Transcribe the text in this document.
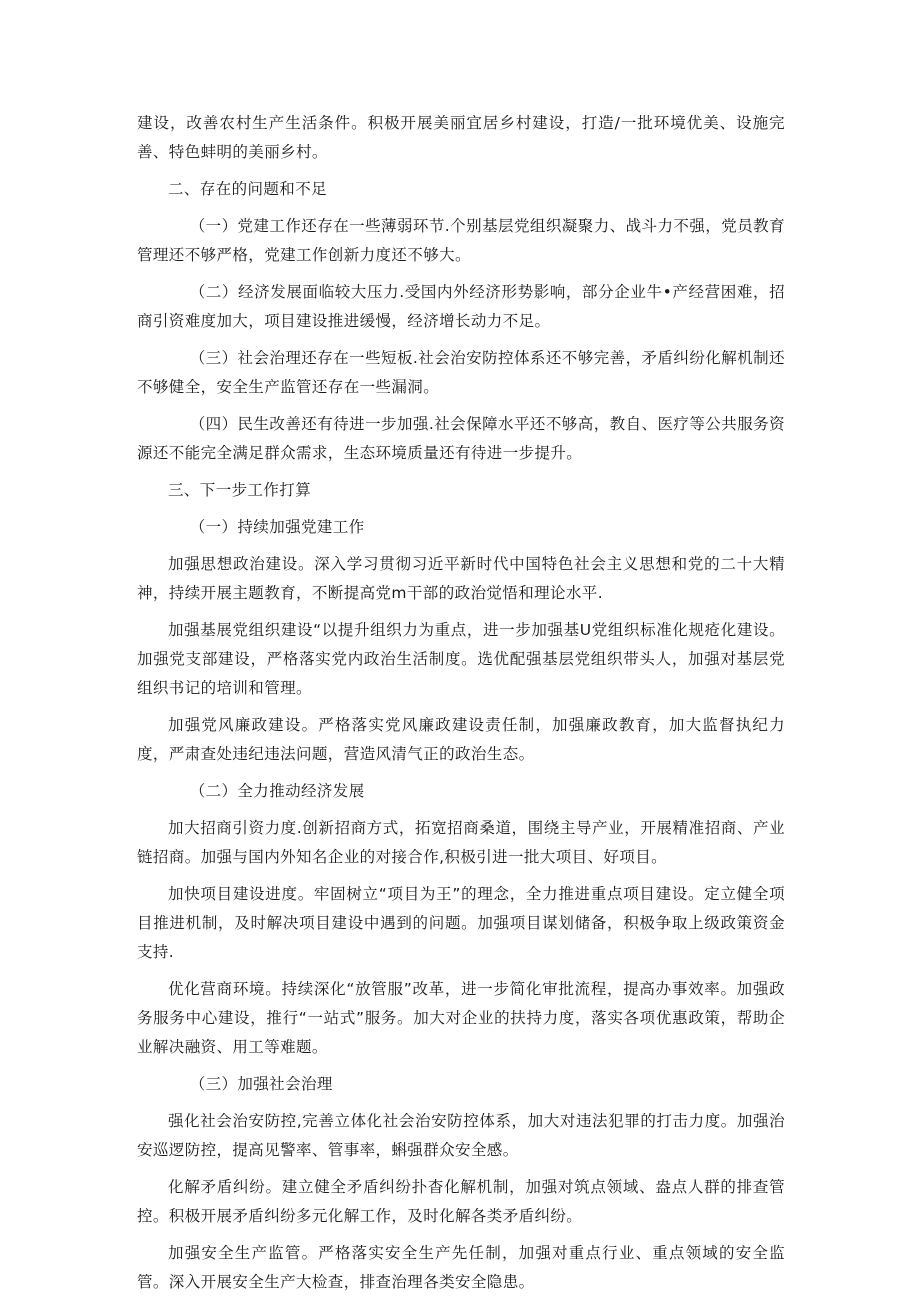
建设，改善农村生产生活条件。积极开展美丽宜居乡村建设，打造/一批环境优美、设施完善、特色蚌明的美丽乡村。

二、存在的问题和不足

（一）党建工作还存在一些薄弱环节.个别基层党组织凝聚力、战斗力不强，党员教育管理还不够严格，党建工作创新力度还不够大。

（二）经济发展面临较大压力.受国内外经济形势影响，部分企业牛•产经营困难，招商引资难度加大，项目建设推进缓慢，经济增长动力不足。

（三）社会治理还存在一些短板.社会治安防控体系还不够完善，矛盾纠纷化解机制还不够健全，安全生产监管还存在一些漏洞。

（四）民生改善还有待进一步加强.社会保障水平还不够高，教自、医疗等公共服务资源还不能完全满足群众需求，生态环境质量还有待进一步提升。

三、下一步工作打算

（一）持续加强党建工作

加强思想政治建设。深入学习贯彻习近平新时代中国特色社会主义思想和党的二十大精神，持续开展主题教育，不断提高党m干部的政治觉悟和理论水平.

加强基展党组织建设“以提升组织力为重点，进一步加强基U党组织标准化规疮化建设。加强党支部建设，严格落实党内政治生活制度。选优配强基层党组织带头人，加强对基层党组织书记的培训和管理。

加强党风廉政建设。严格落实党风廉政建设责任制，加强廉政教育，加大监督执纪力度，严肃查处违纪违法问题，营造风清气正的政治生态。

（二）全力推动经济发展

加大招商引资力度.创新招商方式，拓宽招商桑道，围绕主导产业，开展精准招商、产业链招商。加强与国内外知名企业的对接合作,积极引进一批大项目、好项目。

加快项目建设进度。牢固树立“项目为王”的理念，全力推进重点项目建设。定立健全项目推进机制，及时解决项目建设中遇到的问题。加强项目谋划储备，积极争取上级政策资金支持.

优化营商环境。持续深化“放管服”改革，进一步简化审批流程，提高办事效率。加强政务服务中心建设，推行“一站式”服务。加大对企业的扶持力度，落实各项优惠政策，帮助企业解决融资、用工等难题。

（三）加强社会治理

强化社会治安防控,完善立体化社会治安防控体系，加大对违法犯罪的打击力度。加强治安巡逻防控，提高见警率、管事率，蝌强群众安全感。

化解矛盾纠纷。建立健全矛盾纠纷扑杳化解机制，加强对筑点领域、盎点人群的排查管控。积极开展矛盾纠纷多元化解工作，及时化解各类矛盾纠纷。

加强安全生产监管。严格落实安全生产先任制，加强对重点行业、重点领域的安全监管。深入开展安全生产大检查，排查治理各类安全隐患。
